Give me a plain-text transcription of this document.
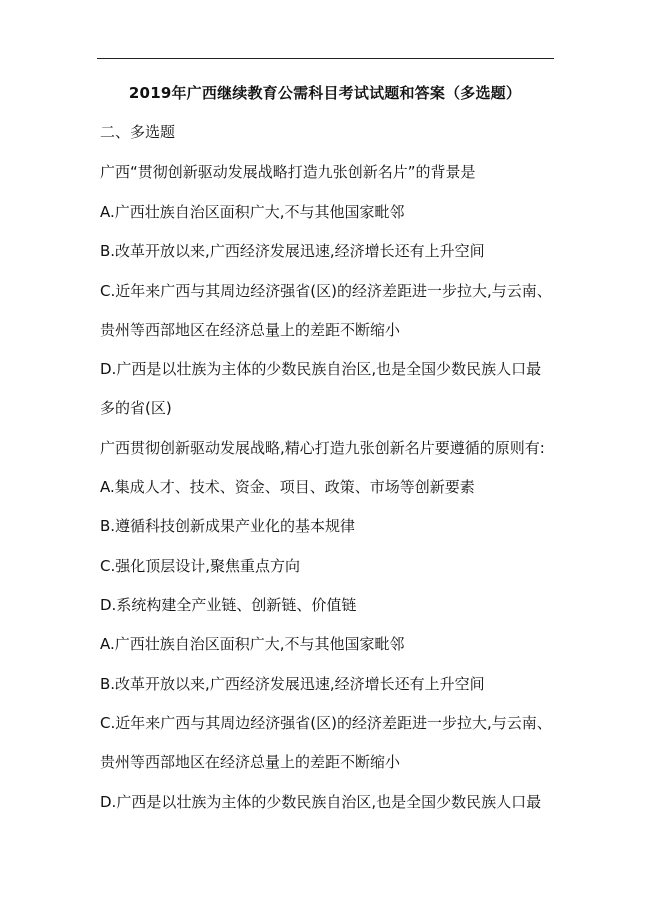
2019年广西继续教育公需科目考试试题和答案（多选题）
二、多选题
广西“贯彻创新驱动发展战略打造九张创新名片”的背景是
A.广西壮族自治区面积广大,不与其他国家毗邻
B.改革开放以来,广西经济发展迅速,经济增长还有上升空间
C.近年来广西与其周边经济强省(区)的经济差距进一步拉大,与云南、
贵州等西部地区在经济总量上的差距不断缩小
D.广西是以壮族为主体的少数民族自治区,也是全国少数民族人口最
多的省(区)
广西贯彻创新驱动发展战略,精心打造九张创新名片要遵循的原则有:
A.集成人才、技术、资金、项目、政策、市场等创新要素
B.遵循科技创新成果产业化的基本规律
C.强化顶层设计,聚焦重点方向
D.系统构建全产业链、创新链、价值链
A.广西壮族自治区面积广大,不与其他国家毗邻
B.改革开放以来,广西经济发展迅速,经济增长还有上升空间
C.近年来广西与其周边经济强省(区)的经济差距进一步拉大,与云南、
贵州等西部地区在经济总量上的差距不断缩小
D.广西是以壮族为主体的少数民族自治区,也是全国少数民族人口最
